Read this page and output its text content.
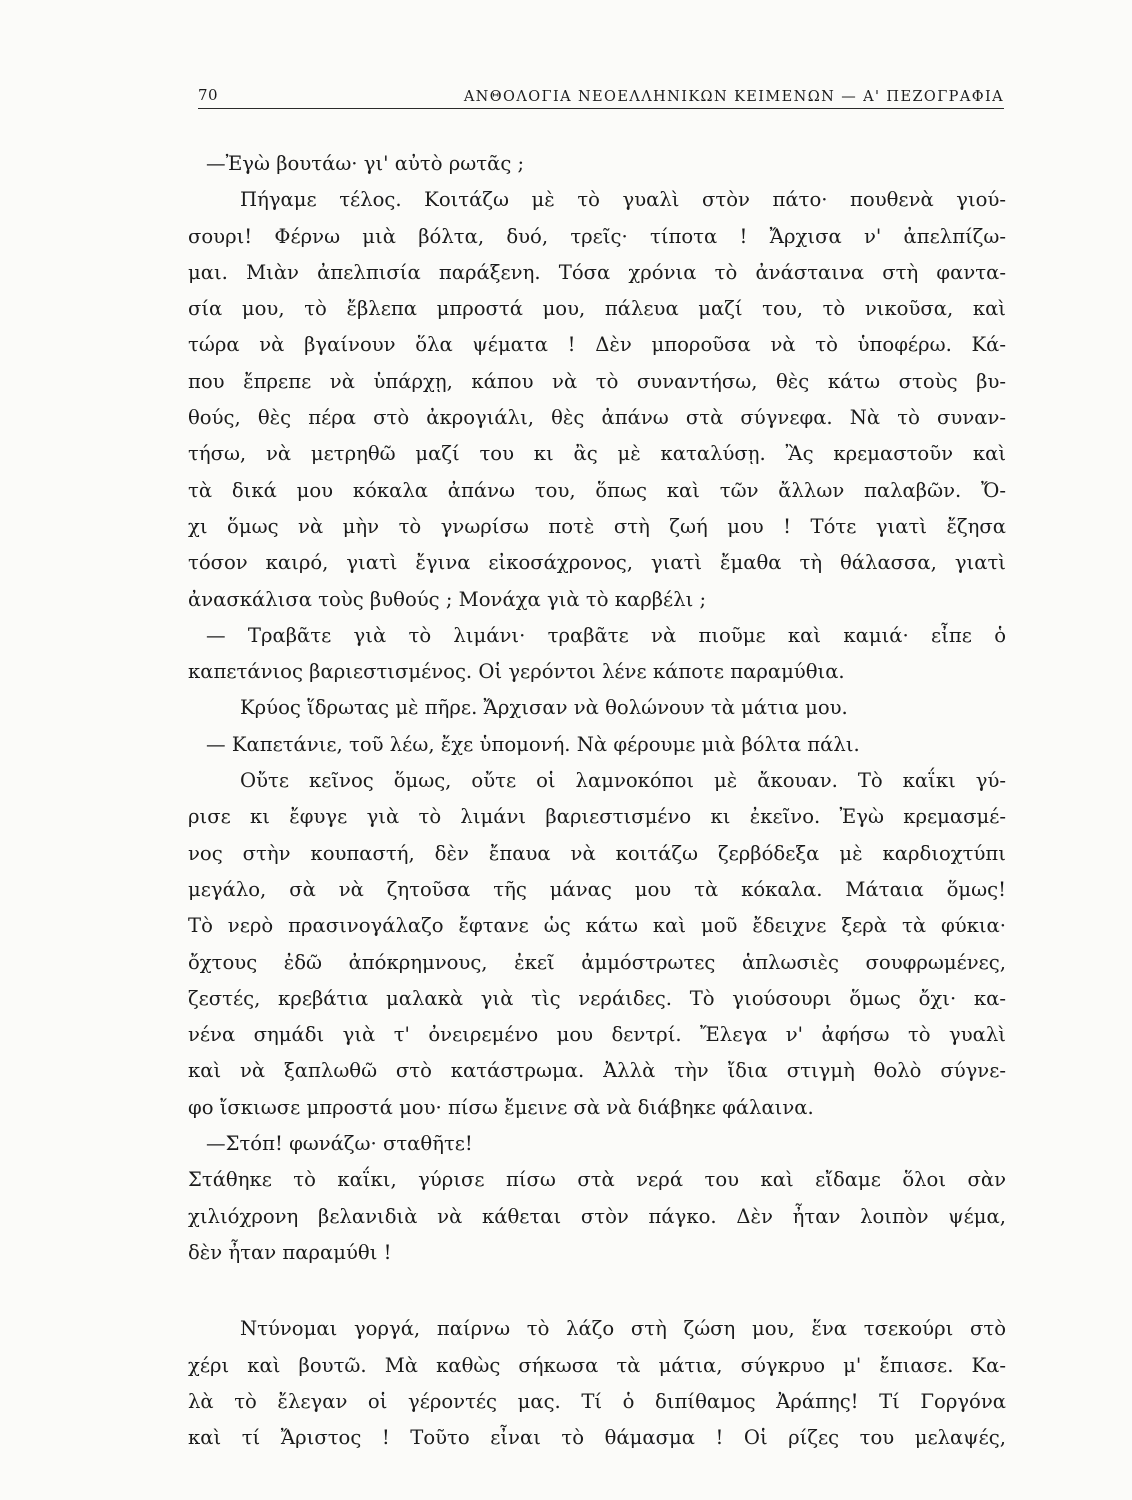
70	ΑΝΘΟΛΟΓΙΑ ΝΕΟΕΛΛΗΝΙΚΩΝ ΚΕΙΜΕΝΩΝ — Α' ΠΕΖΟΓΡΑΦΙΑ
—Ἐγὼ βουτάω· γι' αὐτὸ ρωτᾶς ;
Πήγαμε τέλος. Κοιτάζω μὲ τὸ γυαλὶ στὸν πάτο· πουθενὰ γιού-
σουρι! Φέρνω μιὰ βόλτα, δυό, τρεῖς· τίποτα ! Ἄρχισα ν' ἀπελπίζω-
μαι. Μιὰν ἀπελπισία παράξενη. Τόσα χρόνια τὸ ἀνάσταινα στὴ φαντα-
σία μου, τὸ ἔβλεπα μπροστά μου, πάλευα μαζί του, τὸ νικοῦσα, καὶ
τώρα νὰ βγαίνουν ὅλα ψέματα ! Δὲν μποροῦσα νὰ τὸ ὑποφέρω. Κά-
που ἔπρεπε νὰ ὑπάρχῃ, κάπου νὰ τὸ συναντήσω, θὲς κάτω στοὺς βυ-
θούς, θὲς πέρα στὸ ἀκρογιάλι, θὲς ἀπάνω στὰ σύγνεφα. Νὰ τὸ συναν-
τήσω, νὰ μετρηθῶ μαζί του κι ἂς μὲ καταλύσῃ. Ἂς κρεμαστοῦν καὶ
τὰ δικά μου κόκαλα ἀπάνω του, ὅπως καὶ τῶν ἄλλων παλαβῶν. Ὄ-
χι ὅμως νὰ μὴν τὸ γνωρίσω ποτὲ στὴ ζωή μου ! Τότε γιατὶ ἔζησα
τόσον καιρό, γιατὶ ἔγινα εἰκοσάχρονος, γιατὶ ἔμαθα τὴ θάλασσα, γιατὶ
ἀνασκάλισα τοὺς βυθούς ; Μονάχα γιὰ τὸ καρβέλι ;
— Τραβᾶτε γιὰ τὸ λιμάνι· τραβᾶτε νὰ πιοῦμε καὶ καμιά· εἶπε ὁ
καπετάνιος βαριεστισμένος. Οἱ γερόντοι λένε κάποτε παραμύθια.
Κρύος ἵδρωτας μὲ πῆρε. Ἄρχισαν νὰ θολώνουν τὰ μάτια μου.
— Καπετάνιε, τοῦ λέω, ἔχε ὑπομονή. Νὰ φέρουμε μιὰ βόλτα πάλι.
Οὔτε κεῖνος ὅμως, οὔτε οἱ λαμνοκόποι μὲ ἄκουαν. Τὸ καΐκι γύ-
ρισε κι ἔφυγε γιὰ τὸ λιμάνι βαριεστισμένο κι ἐκεῖνο. Ἐγὼ κρεμασμέ-
νος στὴν κουπαστή, δὲν ἔπαυα νὰ κοιτάζω ζερβόδεξα μὲ καρδιοχτύπι
μεγάλο, σὰ νὰ ζητοῦσα τῆς μάνας μου τὰ κόκαλα. Μάταια ὅμως!
Τὸ νερὸ πρασινογάλαζο ἔφτανε ὡς κάτω καὶ μοῦ ἔδειχνε ξερὰ τὰ φύκια·
ὄχτους ἐδῶ ἀπόκρημνους, ἐκεῖ ἀμμόστρωτες ἁπλωσιὲς σουφρωμένες,
ζεστές, κρεβάτια μαλακὰ γιὰ τὶς νεράιδες. Τὸ γιούσουρι ὅμως ὄχι· κα-
νένα σημάδι γιὰ τ' ὀνειρεμένο μου δεντρί. Ἔλεγα ν' ἀφήσω τὸ γυαλὶ
καὶ νὰ ξαπλωθῶ στὸ κατάστρωμα. Ἀλλὰ τὴν ἴδια στιγμὴ θολὸ σύγνε-
φο ἴσκιωσε μπροστά μου· πίσω ἔμεινε σὰ νὰ διάβηκε φάλαινα.
—Στόπ! φωνάζω· σταθῆτε!
Στάθηκε τὸ καΐκι, γύρισε πίσω στὰ νερά του καὶ εἴδαμε ὅλοι σὰν
χιλιόχρονη βελανιδιὰ νὰ κάθεται στὸν πάγκο. Δὲν ἦταν λοιπὸν ψέμα,
δὲν ἦταν παραμύθι !
Ντύνομαι γοργά, παίρνω τὸ λάζο στὴ ζώση μου, ἕνα τσεκούρι στὸ
χέρι καὶ βουτῶ. Μὰ καθὼς σήκωσα τὰ μάτια, σύγκρυο μ' ἔπιασε. Κα-
λὰ τὸ ἔλεγαν οἱ γέροντές μας. Τί ὁ διπίθαμος Ἀράπης! Τί Γοργόνα
καὶ τί Ἄριστος ! Τοῦτο εἶναι τὸ θάμασμα ! Οἱ ρίζες του μελαψές,
